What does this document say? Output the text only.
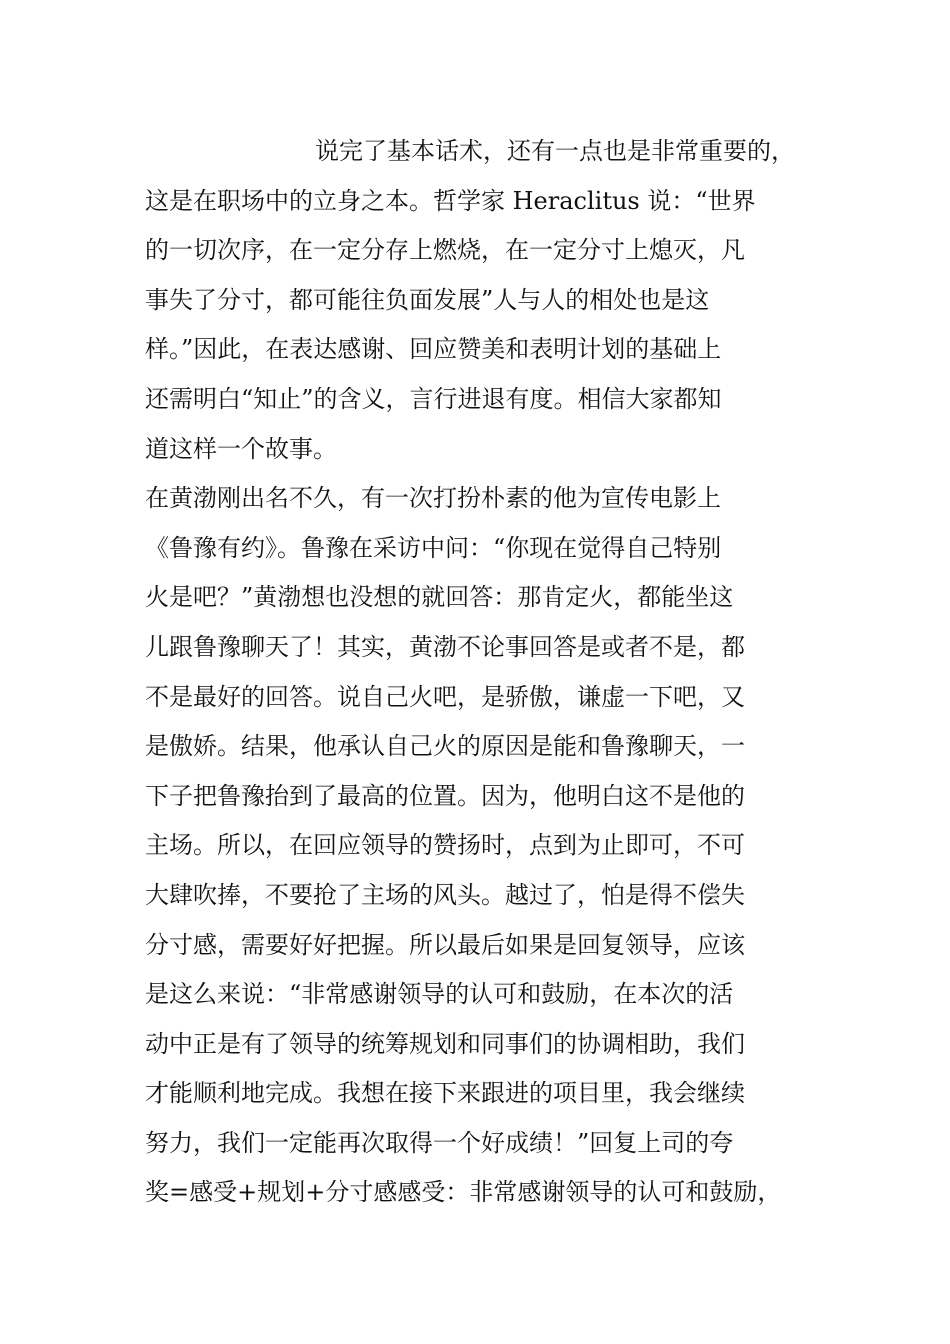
说完了基本话术，还有一点也是非常重要的，
这是在职场中的立身之本。哲学家 Heraclitus 说：“世界
的一切次序，在一定分存上燃烧，在一定分寸上熄灭，凡
事失了分寸，都可能往负面发展”人与人的相处也是这
样。”因此，在表达感谢、回应赞美和表明计划的基础上
还需明白“知止”的含义，言行进退有度。相信大家都知
道这样一个故事。
在黄渤刚出名不久，有一次打扮朴素的他为宣传电影上
《鲁豫有约》。鲁豫在采访中问：“你现在觉得自己特别
火是吧？”黄渤想也没想的就回答：那肯定火，都能坐这
儿跟鲁豫聊天了！其实，黄渤不论事回答是或者不是，都
不是最好的回答。说自己火吧，是骄傲，谦虚一下吧，又
是傲娇。结果，他承认自己火的原因是能和鲁豫聊天，一
下子把鲁豫抬到了最高的位置。因为，他明白这不是他的
主场。所以，在回应领导的赞扬时，点到为止即可，不可
大肆吹捧，不要抢了主场的风头。越过了，怕是得不偿失
分寸感，需要好好把握。所以最后如果是回复领导，应该
是这么来说：“非常感谢领导的认可和鼓励，在本次的活
动中正是有了领导的统筹规划和同事们的协调相助，我们
才能顺利地完成。我想在接下来跟进的项目里，我会继续
努力，我们一定能再次取得一个好成绩！”回复上司的夸
奖=感受+规划+分寸感感受：非常感谢领导的认可和鼓励，
